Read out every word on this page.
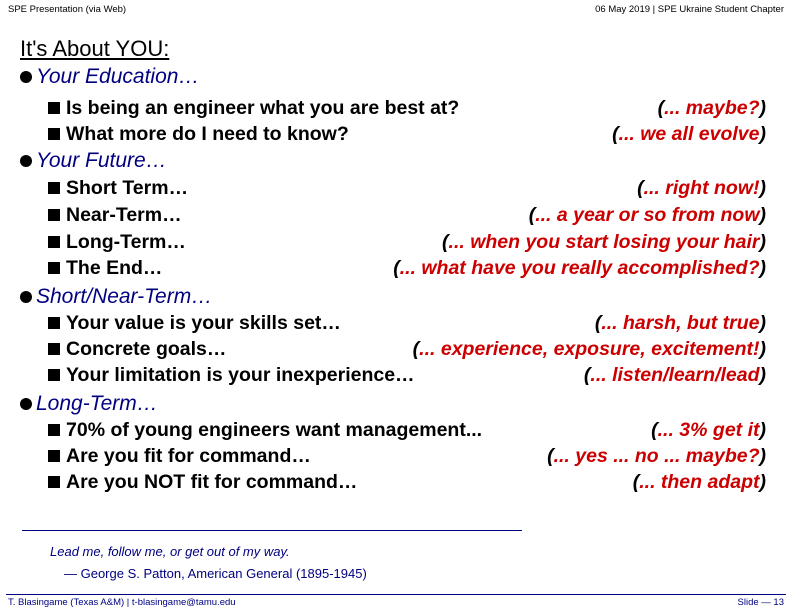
SPE Presentation (via Web)	06 May 2019 | SPE Ukraine Student Chapter
It's About YOU:
Your Education…
Is being an engineer what you are best at?	(... maybe?)
What more do I need to know?	(... we all evolve)
Your Future…
Short Term…	(... right now!)
Near-Term…	(... a year or so from now)
Long-Term…	(... when you start losing your hair)
The End…	(... what have you really accomplished?)
Short/Near-Term…
Your value is your skills set…	(... harsh, but true)
Concrete goals…	(... experience, exposure, excitement!)
Your limitation is your inexperience…	(... listen/learn/lead)
Long-Term…
70% of young engineers want management...	(... 3% get it)
Are you fit for command…	(... yes ... no ... maybe?)
Are you NOT fit for command…	(... then adapt)
Lead me, follow me, or get out of my way.
— George S. Patton, American General (1895-1945)
T. Blasingame (Texas A&M) | t-blasingame@tamu.edu	Slide — 13
